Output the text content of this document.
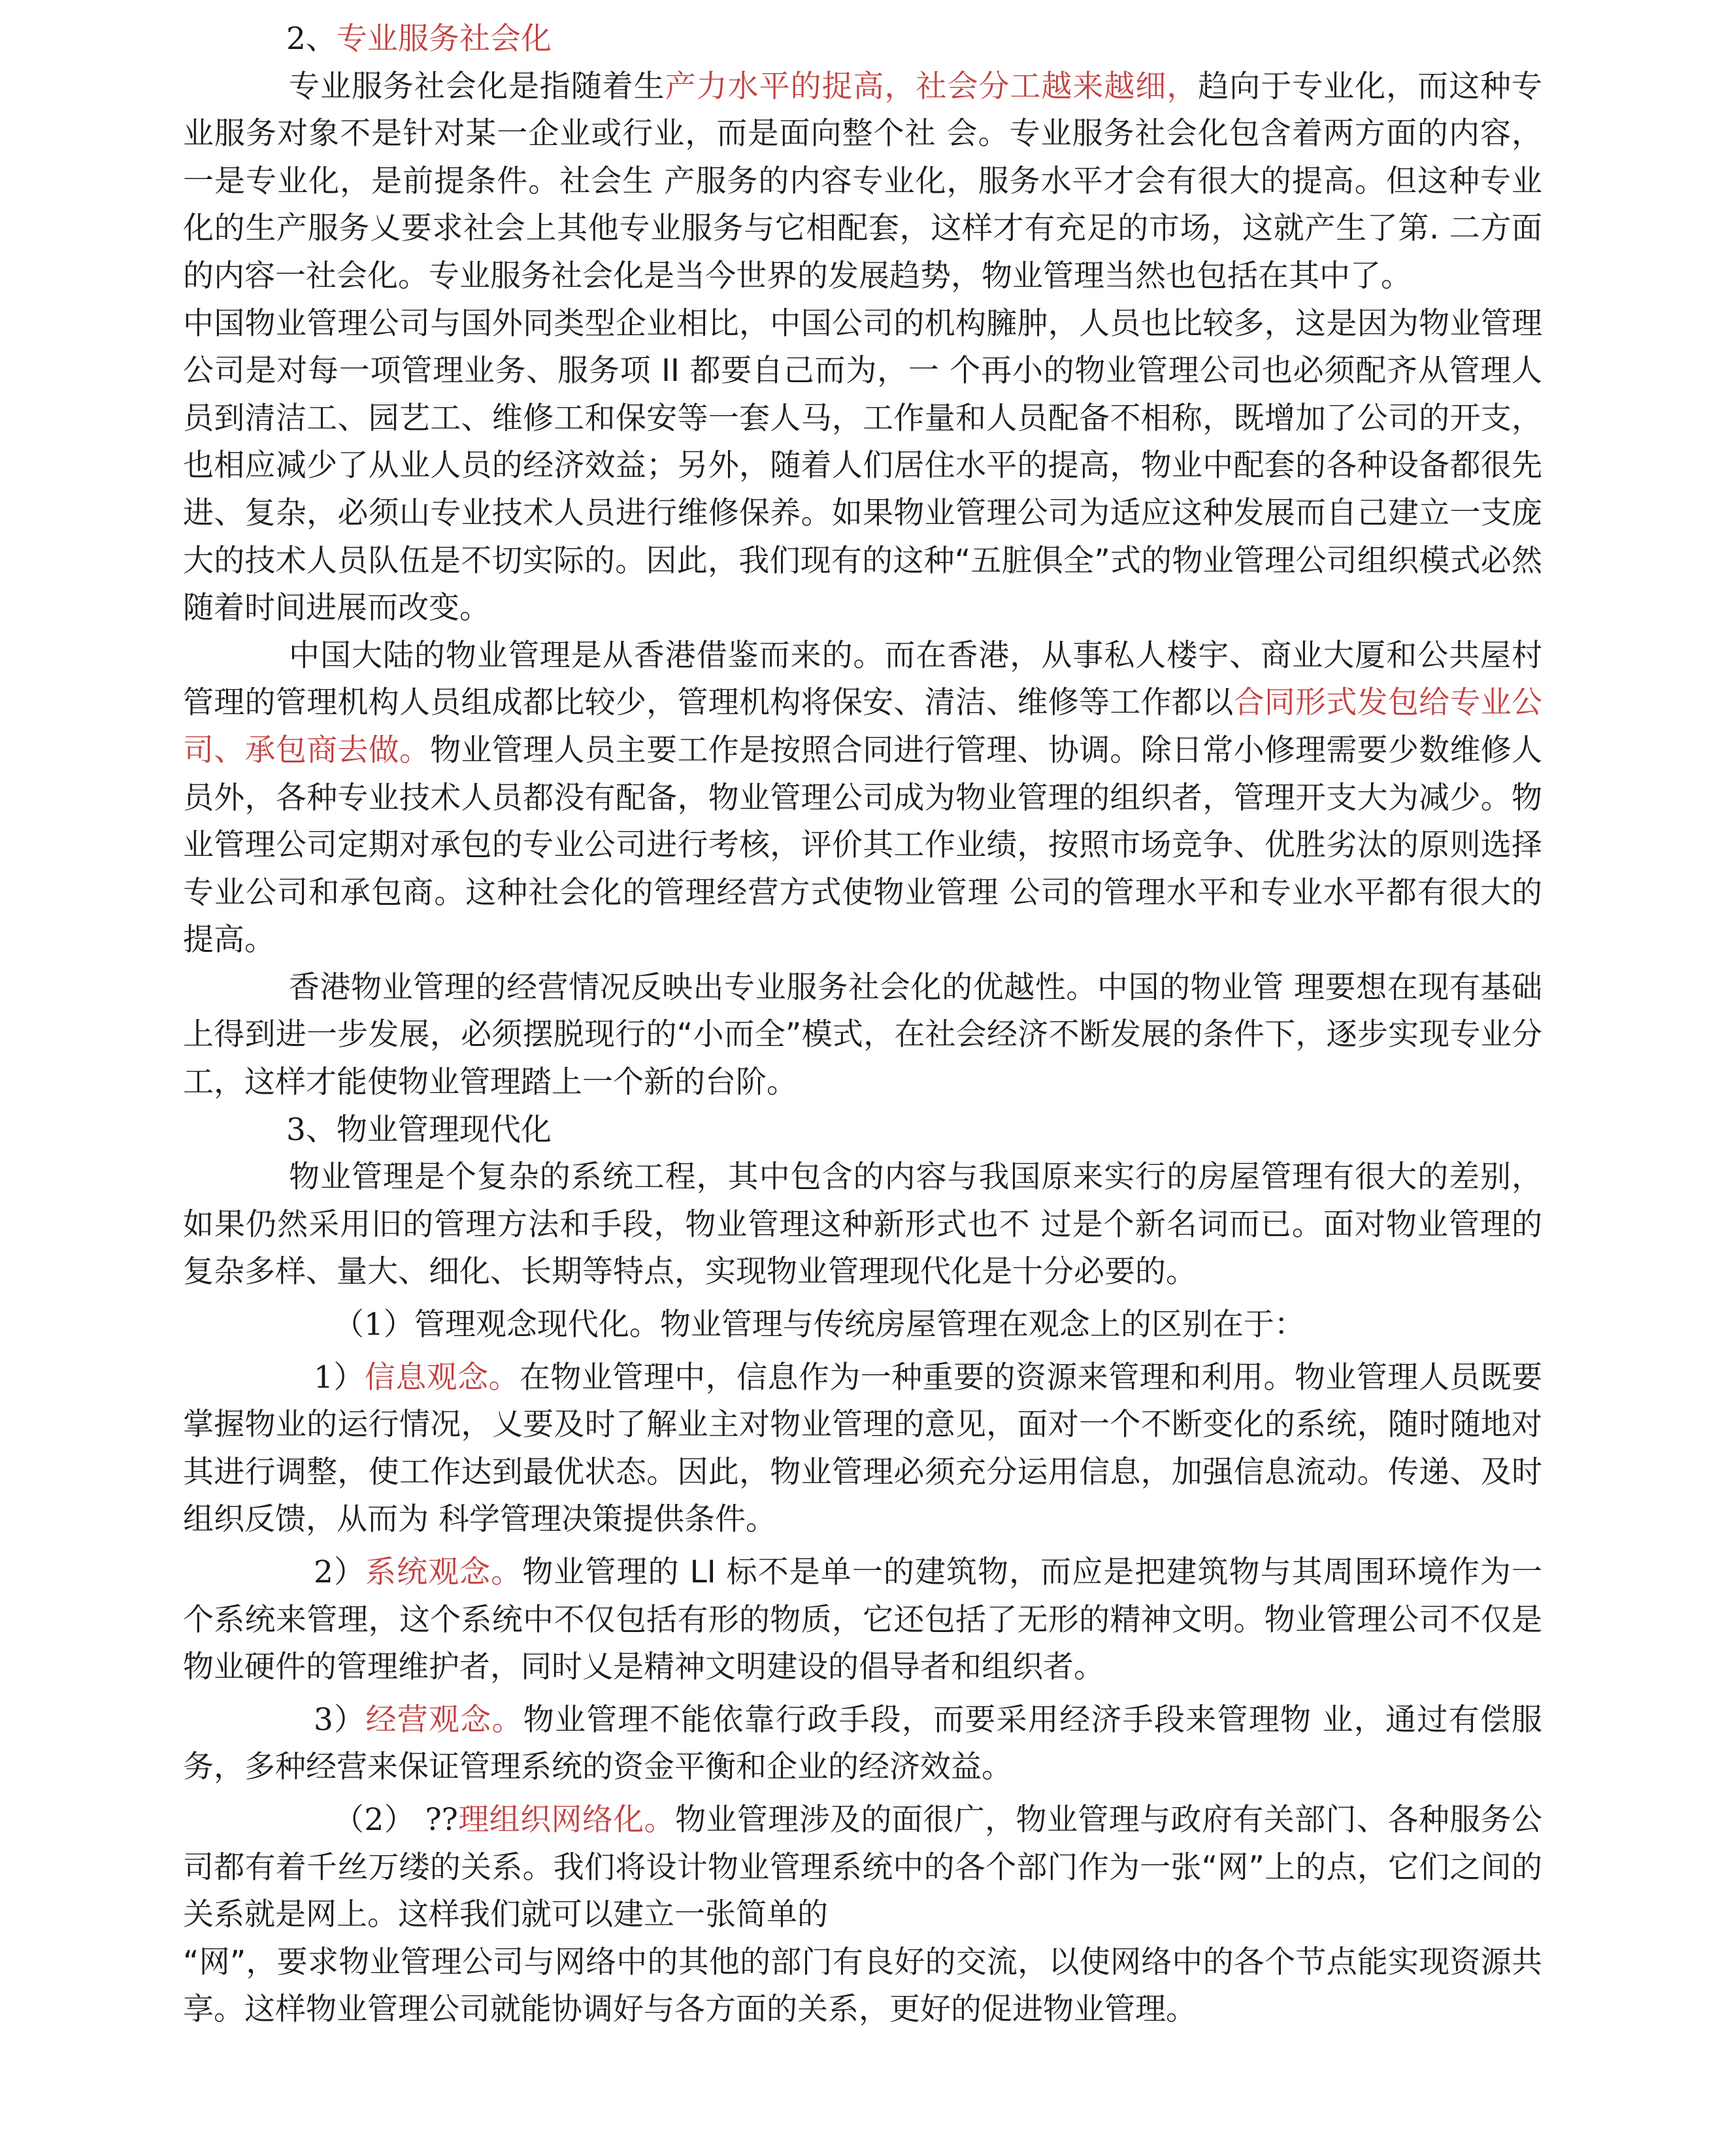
2、专业服务社会化

专业服务社会化是指随着生产力水平的捉高，社会分工越来越细，趋向于专业化，而这种专业服务对象不是针对某一企业或行业，而是面向整个社 会。专业服务社会化包含着两方面的内容，一是专业化，是前提条件。社会生 产服务的内容专业化，服务水平才会有很大的提高。但这种专业化的生产服务乂要求社会上其他专业服务与它相配套，这样才有充足的市场，这就产生了第. 二方面的内容一社会化。专业服务社会化是当今世界的发展趋势，物业管理当然也包括在其中了。

中国物业管理公司与国外同类型企业相比，中国公司的机构臃肿，人员也比较多，这是因为物业管理公司是对每一项管理业务、服务项 II 都要自己而为，一 个再小的物业管理公司也必须配齐从管理人员到清洁工、园艺工、维修工和保安等一套人马，工作量和人员配备不相称，既增加了公司的开支，也相应减少了从业人员的经济效益；另外，随着人们居住水平的提高，物业中配套的各种设备都很先进、复杂，必须山专业技术人员进行维修保养。如果物业管理公司为适应这种发展而自己建立一支庞大的技术人员队伍是不切实际的。因此，我们现有的这种“五脏俱全”式的物业管理公司组织模式必然随着时间进展而改变。

中国大陆的物业管理是从香港借鉴而来的。而在香港，从事私人楼宇、商业大厦和公共屋村管理的管理机构人员组成都比较少，管理机构将保安、清洁、维修等工作都以合同形式发包给专业公司、承包商去做。物业管理人员主要工作是按照合同进行管理、协调。除日常小修理需要少数维修人员外，各种专业技术人员都没有配备，物业管理公司成为物业管理的组织者，管理开支大为减少。物 业管理公司定期对承包的专业公司进行考核，评价其工作业绩，按照市场竞争、优胜劣汰的原则选择专业公司和承包商。这种社会化的管理经营方式使物业管理 公司的管理水平和专业水平都有很大的提高。

香港物业管理的经营情况反映出专业服务社会化的优越性。中国的物业管 理要想在现有基础上得到进一步发展，必须摆脱现行的“小而全”模式，在社会经济不断发展的条件下，逐步实现专业分工，这样才能使物业管理踏上一个新的台阶。

3、物业管理现代化

物业管理是个复杂的系统工程，其中包含的内容与我国原来实行的房屋管理有很大的差别，如果仍然采用旧的管理方法和手段，物业管理这种新形式也不 过是个新名词而已。面对物业管理的复杂多样、量大、细化、长期等特点，实现物业管理现代化是十分必要的。

（1）管理观念现代化。物业管理与传统房屋管理在观念上的区别在于：

1）信息观念。在物业管理中，信息作为一种重要的资源来管理和利用。物业管理人员既要掌握物业的运行情况，乂要及时了解业主对物业管理的意见，面对一个不断变化的系统，随时随地对其进行调整，使工作达到最优状态。因此，物业管理必须充分运用信息，加强信息流动。传递、及时组织反馈，从而为 科学管理决策提供条件。

2）系统观念。物业管理的 LI 标不是单一的建筑物，而应是把建筑物与其周围环境作为一个系统来管理，这个系统中不仅包括有形的物质，它还包括了无形的精神文明。物业管理公司不仅是物业硬件的管理维护者，同时乂是精神文明建设的倡导者和组织者。

3）经营观念。物业管理不能依靠行政手段，而要采用经济手段来管理物 业，通过有偿服务，多种经营来保证管理系统的资金平衡和企业的经济效益。

（2） ??理组织网络化。物业管理涉及的面很广，物业管理与政府有关部门、各种服务公司都有着千丝万缕的关系。我们将设计物业管理系统中的各个部门作为一张“网”上的点，它们之间的关系就是网上。这样我们就可以建立一张简单的

“网”，要求物业管理公司与网络中的其他的部门有良好的交流，以使网络中的各个节点能实现资源共享。这样物业管理公司就能协调好与各方面的关系，更好的促进物业管理。
